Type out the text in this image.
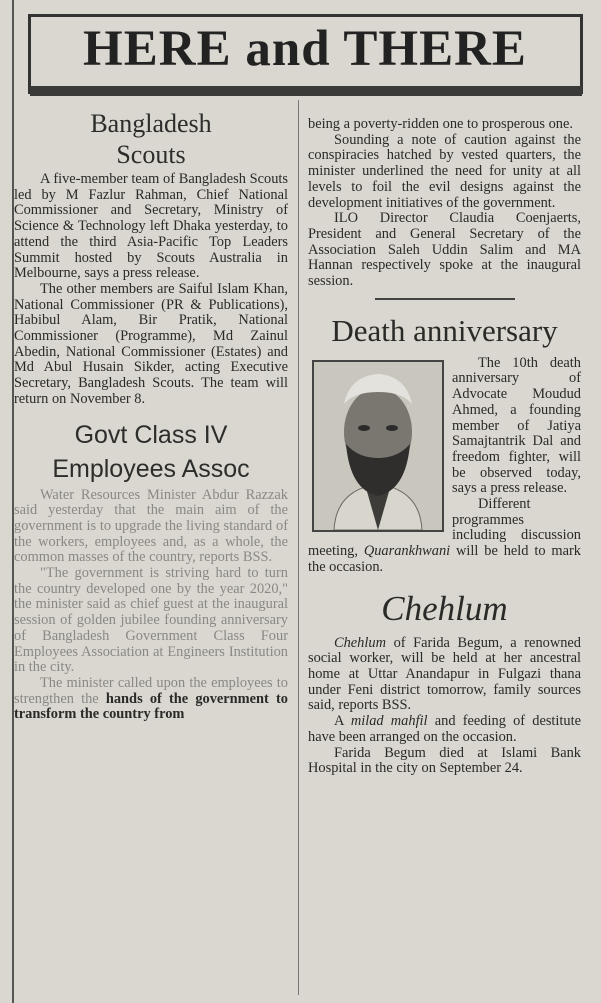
HERE and THERE
Bangladesh
Scouts

A five-member team of Bangladesh Scouts led by M Fazlur Rahman, Chief National Commissioner and Secretary, Ministry of Science & Technology left Dhaka yesterday, to attend the third Asia-Pacific Top Leaders Summit hosted by Scouts Australia in Melbourne, says a press release.

The other members are Saiful Islam Khan, National Commissioner (PR & Publications), Habibul Alam, Bir Pratik, National Commissioner (Programme), Md Zainul Abedin, National Commissioner (Estates) and Md Abul Husain Sikder, acting Executive Secretary, Bangladesh Scouts. The team will return on November 8.

Govt Class IV
Employees Assoc

Water Resources Minister Abdur Razzak said yesterday that the main aim of the government is to upgrade the living standard of the workers, employees and, as a whole, the common masses of the country, reports BSS.

"The government is striving hard to turn the country developed one by the year 2020," the minister said as chief guest at the inaugural session of golden jubilee founding anniversary of Bangladesh Government Class Four Employees Association at Engineers Institution in the city.

The minister called upon the employees to strengthen the hands of the government to transform the country from

being a poverty-ridden one to prosperous one.

Sounding a note of caution against the conspiracies hatched by vested quarters, the minister underlined the need for unity at all levels to foil the evil designs against the development initiatives of the government.

ILO Director Claudia Coenjaerts, President and General Secretary of the Association Saleh Uddin Salim and MA Hannan respectively spoke at the inaugural session.

Death anniversary

The 10th death anniversary of Advocate Moudud Ahmed, a founding member of Jatiya Samajtantrik Dal and freedom fighter, will be observed today, says a press release.

Different programmes including discussion meeting, Quarankhwani will be held to mark the occasion.

Chehlum

Chehlum of Farida Begum, a renowned social worker, will be held at her ancestral home at Uttar Anandapur in Fulgazi thana under Feni district tomorrow, family sources said, reports BSS.

A milad mahfil and feeding of destitute have been arranged on the occasion.

Farida Begum died at Islami Bank Hospital in the city on September 24.
